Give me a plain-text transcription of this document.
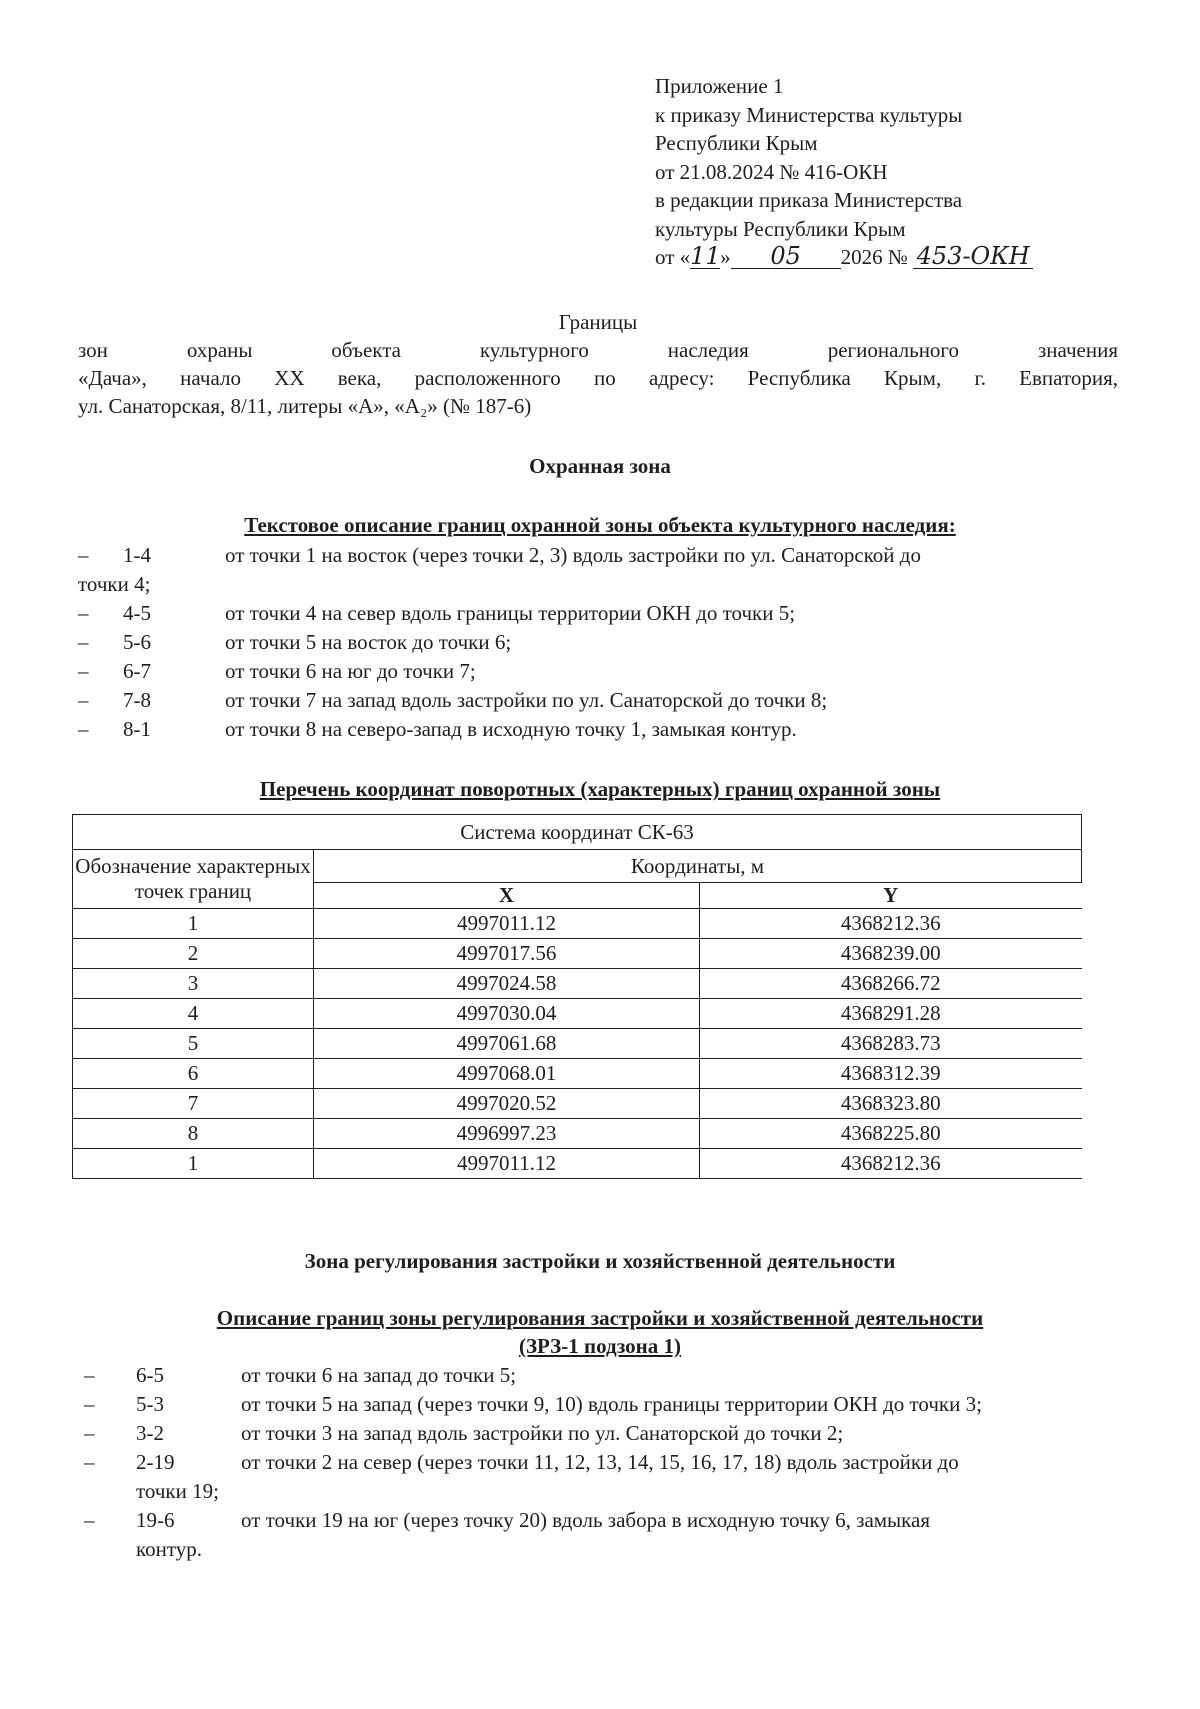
Приложение 1
к приказу Министерства культуры
Республики Крым
от 21.08.2024 № 416-ОКН
в редакции приказа Министерства
культуры Республики Крым
от «11» 05 2026 № 453-ОКН
Границы
зон охраны объекта культурного наследия регионального значения
«Дача», начало XX века, расположенного по адресу: Республика Крым, г. Евпатория,
ул. Санаторская, 8/11, литеры «А», «А₂» (№ 187-6)
Охранная зона
Текстовое описание границ охранной зоны объекта культурного наследия:
– 1-4	от точки 1 на восток (через точки 2, 3) вдоль застройки по ул. Санаторской до
точки 4;
– 4-5	от точки 4 на север вдоль границы территории ОКН до точки 5;
– 5-6	от точки 5 на восток до точки 6;
– 6-7	от точки 6 на юг до точки 7;
– 7-8	от точки 7 на запад вдоль застройки по ул. Санаторской до точки 8;
– 8-1	от точки 8 на северо-запад в исходную точку 1, замыкая контур.
Перечень координат поворотных (характерных) границ охранной зоны
Система координат СК-63		
Обозначение характерных точек границ	Координаты, м	
	X	Y
1	4997011.12	4368212.36
2	4997017.56	4368239.00
3	4997024.58	4368266.72
4	4997030.04	4368291.28
5	4997061.68	4368283.73
6	4997068.01	4368312.39
7	4997020.52	4368323.80
8	4996997.23	4368225.80
1	4997011.12	4368212.36
Зона регулирования застройки и хозяйственной деятельности
Описание границ зоны регулирования застройки и хозяйственной деятельности
(ЗРЗ-1 подзона 1)
– 6-5	от точки 6 на запад до точки 5;
– 5-3	от точки 5 на запад (через точки 9, 10) вдоль границы территории ОКН до точки 3;
– 3-2	от точки 3 на запад вдоль застройки по ул. Санаторской до точки 2;
– 2-19	от точки 2 на север (через точки 11, 12, 13, 14, 15, 16, 17, 18) вдоль застройки до
точки 19;
– 19-6	от точки 19 на юг (через точку 20) вдоль забора в исходную точку 6, замыкая
контур.
